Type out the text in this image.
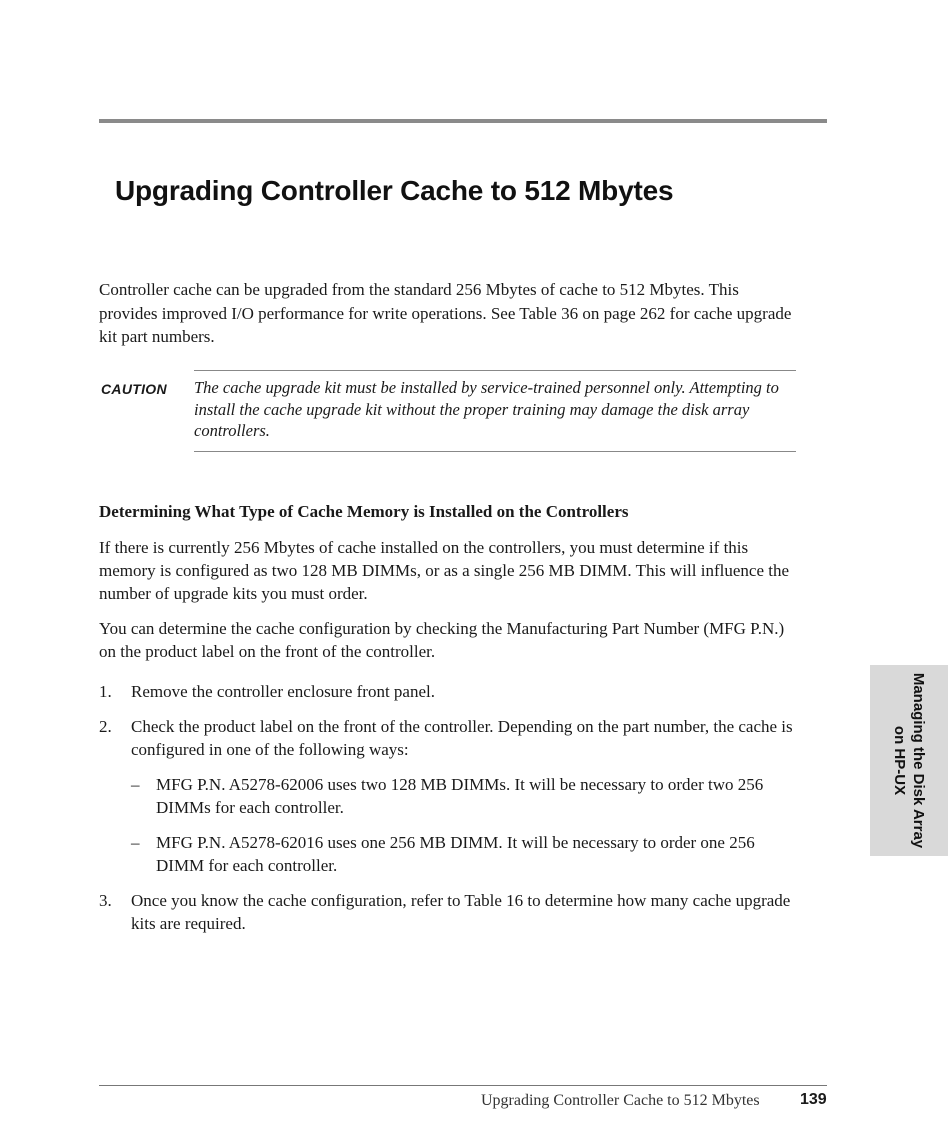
Upgrading Controller Cache to 512 Mbytes

Controller cache can be upgraded from the standard 256 Mbytes of cache to 512 Mbytes. This provides improved I/O performance for write operations. See Table 36 on page 262 for cache upgrade kit part numbers.

CAUTION The cache upgrade kit must be installed by service-trained personnel only. Attempting to install the cache upgrade kit without the proper training may damage the disk array controllers.

Determining What Type of Cache Memory is Installed on the Controllers

If there is currently 256 Mbytes of cache installed on the controllers, you must determine if this memory is configured as two 128 MB DIMMs, or as a single 256 MB DIMM. This will influence the number of upgrade kits you must order.

You can determine the cache configuration by checking the Manufacturing Part Number (MFG P.N.) on the product label on the front of the controller.

1. Remove the controller enclosure front panel.

2. Check the product label on the front of the controller. Depending on the part number, the cache is configured in one of the following ways:

– MFG P.N. A5278-62006 uses two 128 MB DIMMs. It will be necessary to order two 256 DIMMs for each controller.

– MFG P.N. A5278-62016 uses one 256 MB DIMM. It will be necessary to order one 256 DIMM for each controller.

3. Once you know the cache configuration, refer to Table 16 to determine how many cache upgrade kits are required.

Managing the Disk Array
on HP-UX
Upgrading Controller Cache to 512 Mbytes	139
